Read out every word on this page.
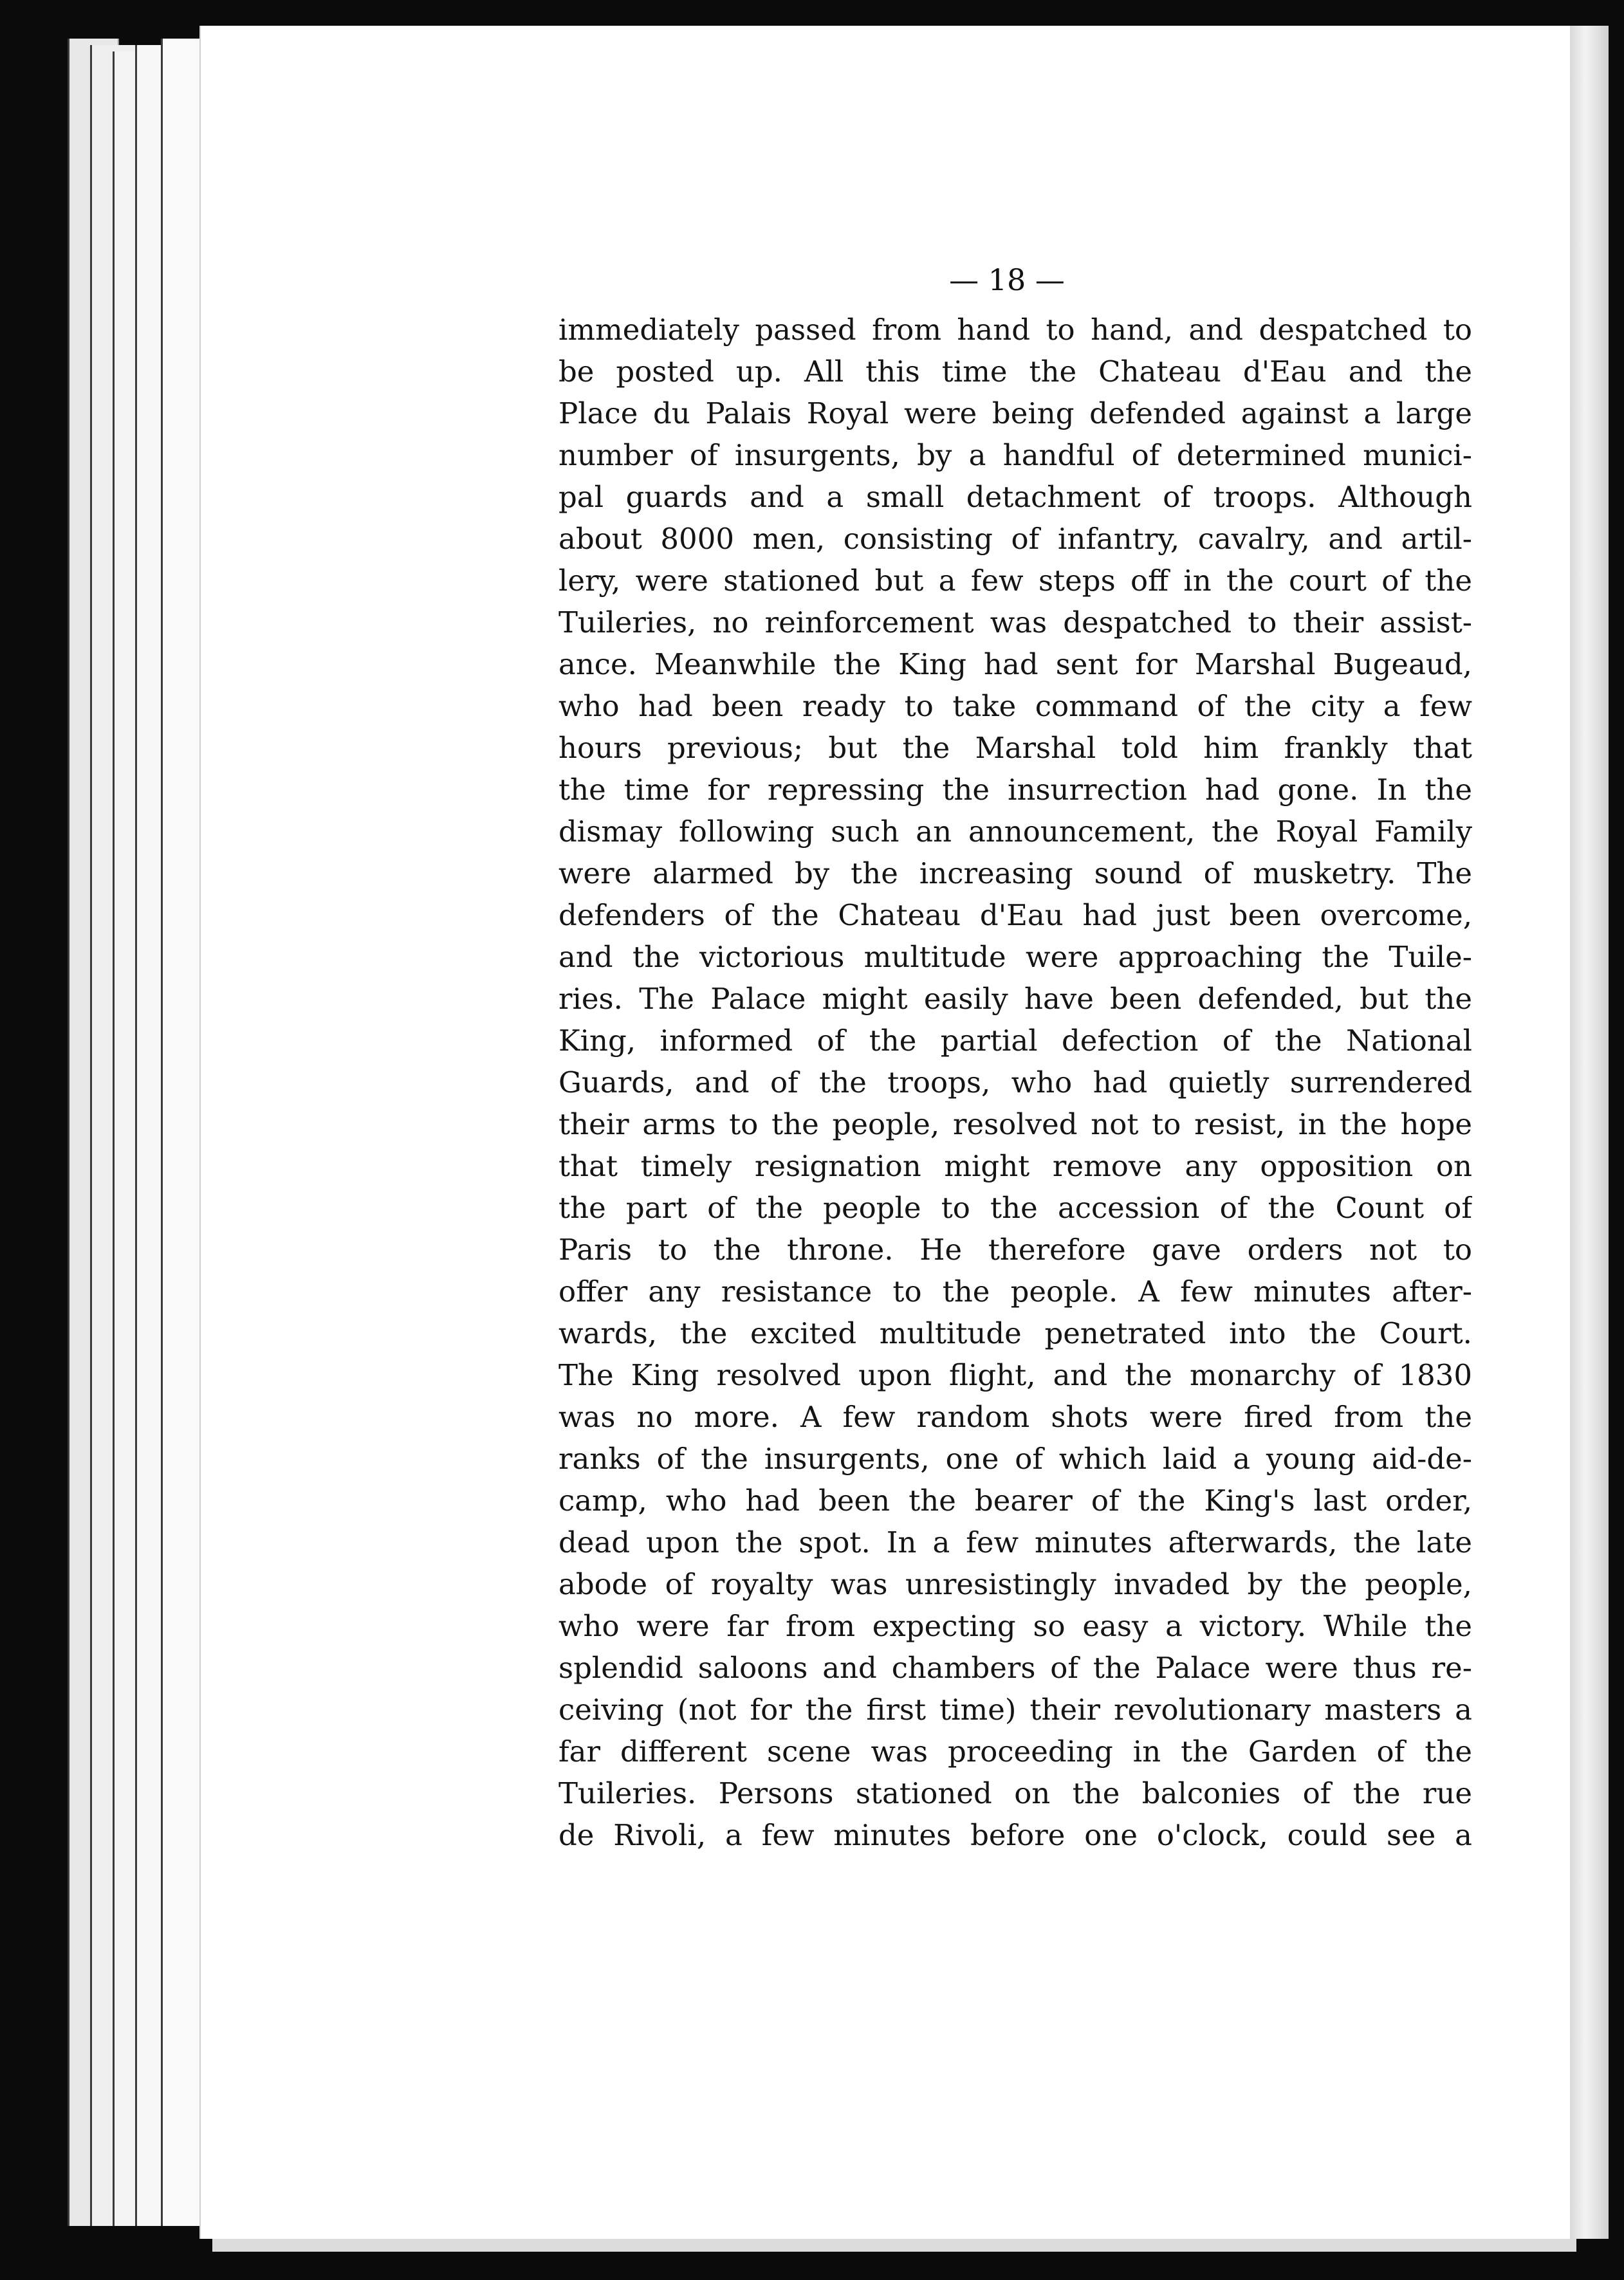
— 18 —

immediately passed from hand to hand, and despatched to
be posted up. All this time the Chateau d'Eau and the
Place du Palais Royal were being defended against a large
number of insurgents, by a handful of determined munici-
pal guards and a small detachment of troops. Although
about 8000 men, consisting of infantry, cavalry, and artil-
lery, were stationed but a few steps off in the court of the
Tuileries, no reinforcement was despatched to their assist-
ance. Meanwhile the King had sent for Marshal Bugeaud,
who had been ready to take command of the city a few
hours previous; but the Marshal told him frankly that
the time for repressing the insurrection had gone. In the
dismay following such an announcement, the Royal Family
were alarmed by the increasing sound of musketry. The
defenders of the Chateau d'Eau had just been overcome,
and the victorious multitude were approaching the Tuile-
ries. The Palace might easily have been defended, but the
King, informed of the partial defection of the National
Guards, and of the troops, who had quietly surrendered
their arms to the people, resolved not to resist, in the hope
that timely resignation might remove any opposition on
the part of the people to the accession of the Count of
Paris to the throne. He therefore gave orders not to
offer any resistance to the people. A few minutes after-
wards, the excited multitude penetrated into the Court.
The King resolved upon flight, and the monarchy of 1830
was no more. A few random shots were fired from the
ranks of the insurgents, one of which laid a young aid-de-
camp, who had been the bearer of the King's last order,
dead upon the spot. In a few minutes afterwards, the late
abode of royalty was unresistingly invaded by the people,
who were far from expecting so easy a victory. While the
splendid saloons and chambers of the Palace were thus re-
ceiving (not for the first time) their revolutionary masters a
far different scene was proceeding in the Garden of the
Tuileries. Persons stationed on the balconies of the rue
de Rivoli, a few minutes before one o'clock, could see a
